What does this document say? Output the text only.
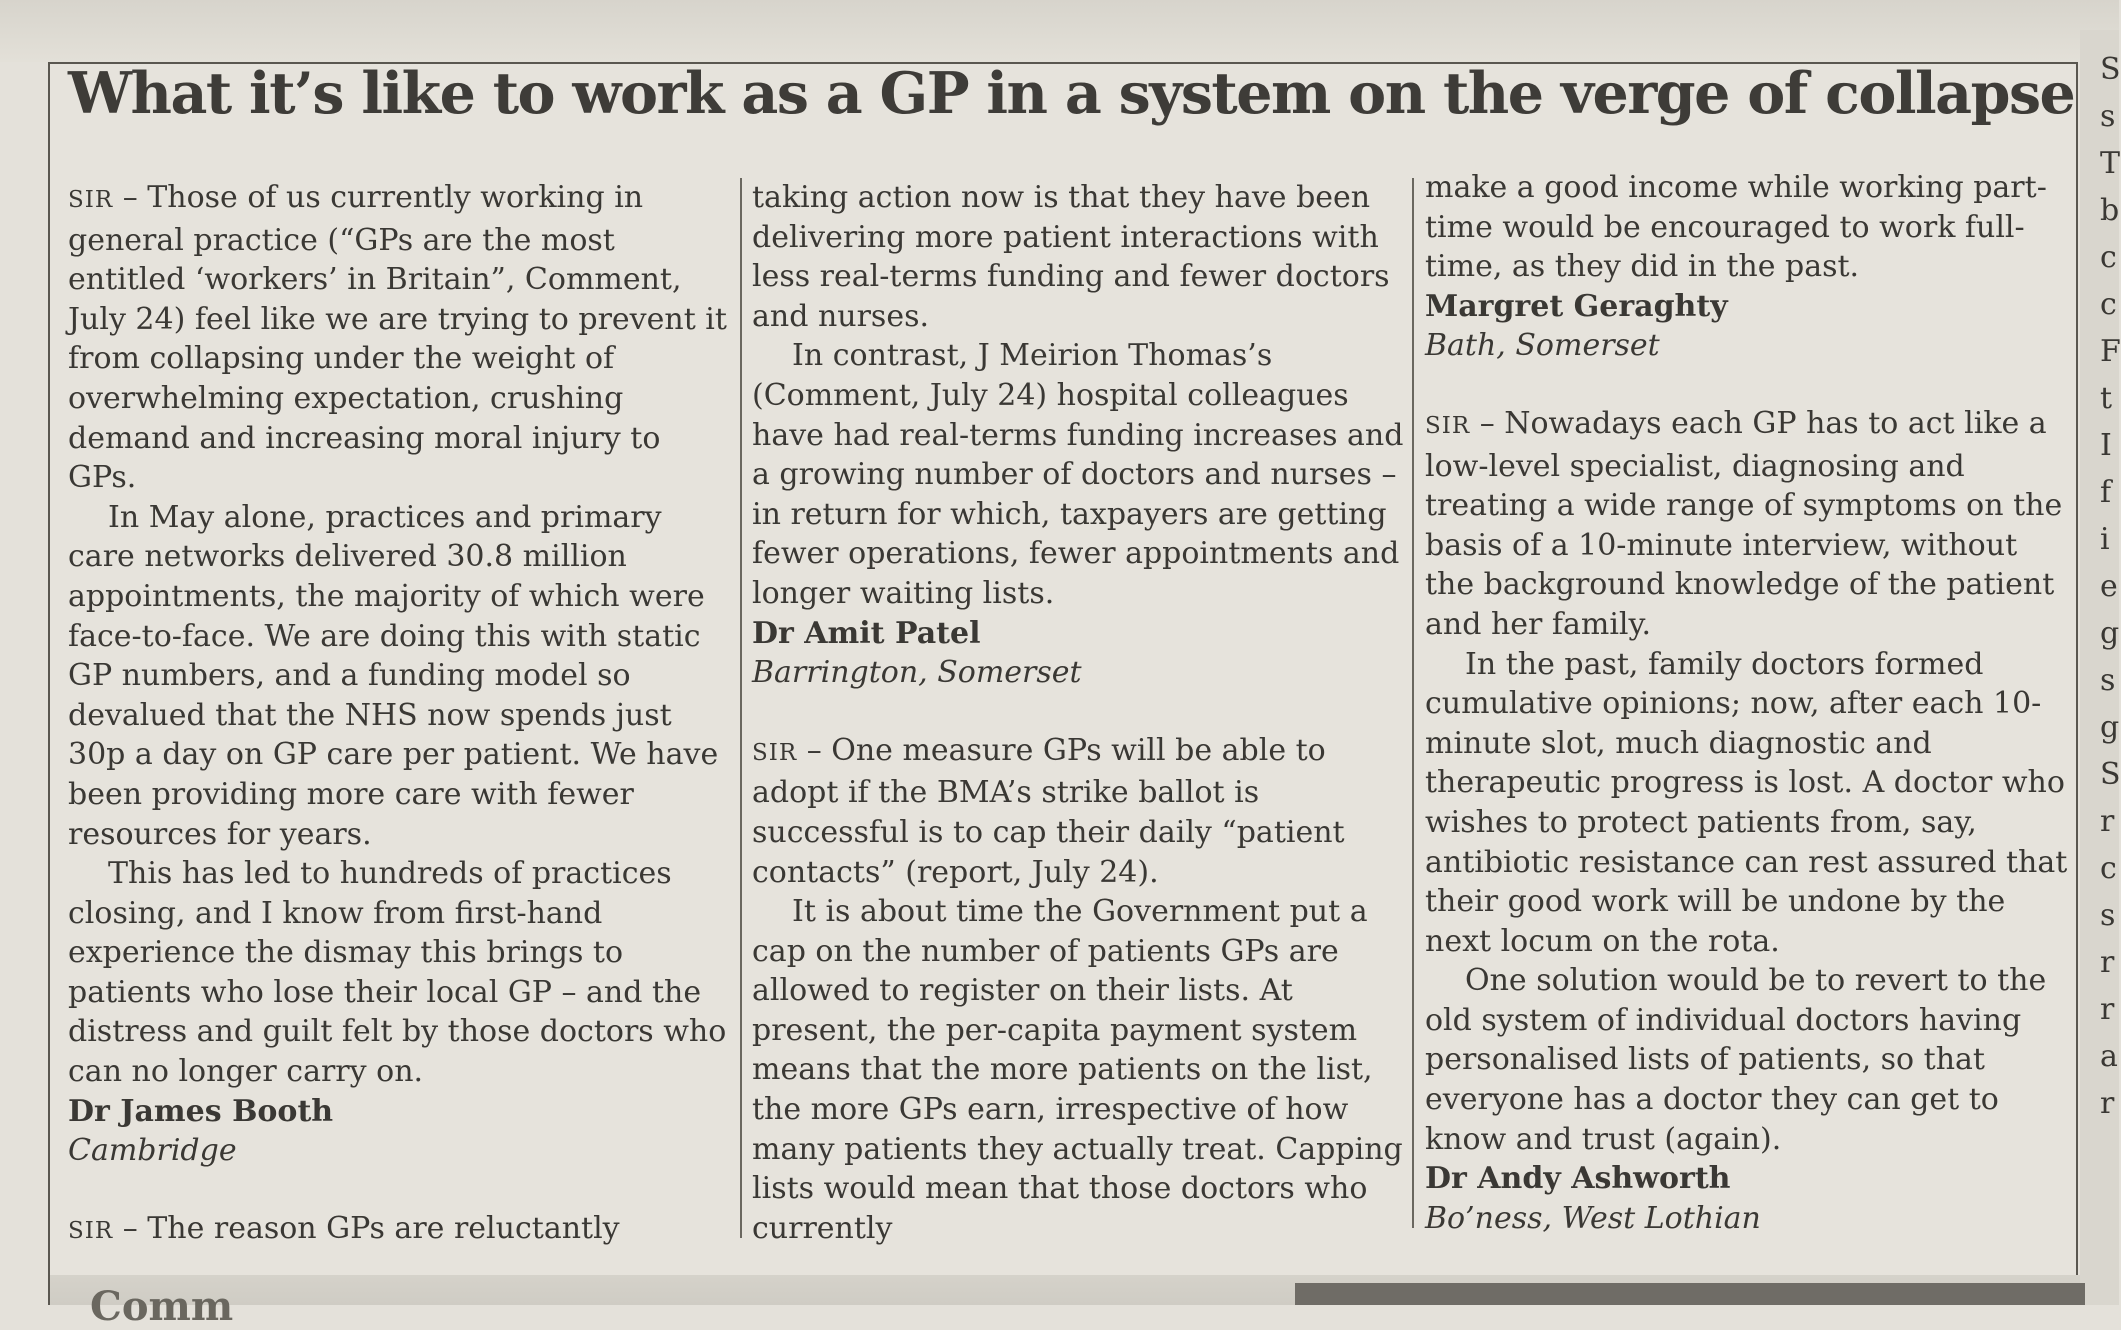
What it’s like to work as a GP in a system on the verge of collapse

SIR – Those of us currently working in general practice (“GPs are the most entitled ‘workers’ in Britain”, Comment, July 24) feel like we are trying to prevent it from collapsing under the weight of overwhelming expectation, crushing demand and increasing moral injury to GPs.

In May alone, practices and primary care networks delivered 30.8 million appointments, the majority of which were face-to-face. We are doing this with static GP numbers, and a funding model so devalued that the NHS now spends just 30p a day on GP care per patient. We have been providing more care with fewer resources for years.

This has led to hundreds of practices closing, and I know from first-hand experience the dismay this brings to patients who lose their local GP – and the distress and guilt felt by those doctors who can no longer carry on.

Dr James Booth

Cambridge

SIR – The reason GPs are reluctantly

taking action now is that they have been delivering more patient interactions with less real-terms funding and fewer doctors and nurses.

In contrast, J Meirion Thomas’s (Comment, July 24) hospital colleagues have had real-terms funding increases and a growing number of doctors and nurses – in return for which, taxpayers are getting fewer operations, fewer appointments and longer waiting lists.

Dr Amit Patel

Barrington, Somerset

SIR – One measure GPs will be able to adopt if the BMA’s strike ballot is successful is to cap their daily “patient contacts” (report, July 24).

It is about time the Government put a cap on the number of patients GPs are allowed to register on their lists. At present, the per-capita payment system means that the more patients on the list, the more GPs earn, irrespective of how many patients they actually treat. Capping lists would mean that those doctors who currently

make a good income while working part-time would be encouraged to work full-time, as they did in the past.

Margret Geraghty

Bath, Somerset

SIR – Nowadays each GP has to act like a low-level specialist, diagnosing and treating a wide range of symptoms on the basis of a 10-minute interview, without the background knowledge of the patient and her family.

In the past, family doctors formed cumulative opinions; now, after each 10-minute slot, much diagnostic and therapeutic progress is lost. A doctor who wishes to protect patients from, say, antibiotic resistance can rest assured that their good work will be undone by the next locum on the rota.

One solution would be to revert to the old system of individual doctors having personalised lists of patients, so that everyone has a doctor they can get to know and trust (again).

Dr Andy Ashworth

Bo’ness, West Lothian

S
s
T
b
c
c
F
t
I
f
i
e
g
s
g
S
r
c
s
r
r
a
r
Comm
